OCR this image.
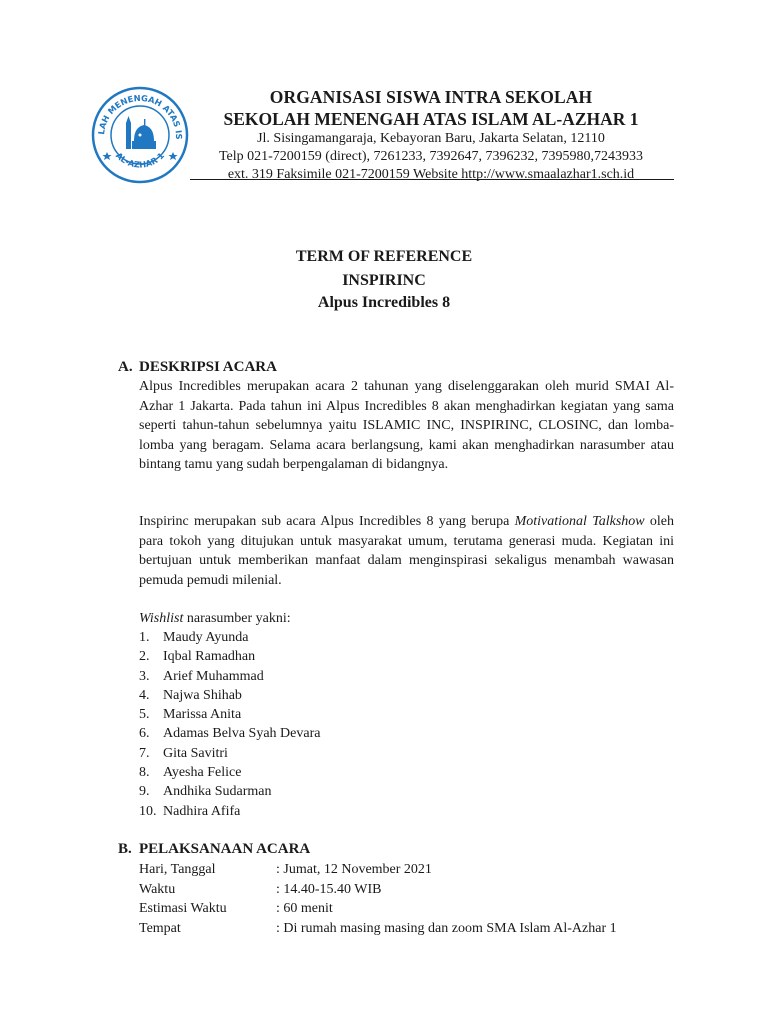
LAH MENENGAH ATAS IS
AL-AZHAR 1
ORGANISASI SISWA INTRA SEKOLAH
SEKOLAH MENENGAH ATAS ISLAM AL-AZHAR 1
Jl. Sisingamangaraja, Kebayoran Baru, Jakarta Selatan, 12110
Telp 021-7200159 (direct), 7261233, 7392647, 7396232, 7395980,7243933
ext. 319 Faksimile 021-7200159 Website http://www.smaalazhar1.sch.id
TERM OF REFERENCE
INSPIRINC
Alpus Incredibles 8
A. DESKRIPSI ACARA
Alpus Incredibles merupakan acara 2 tahunan yang diselenggarakan oleh murid SMAI Al-Azhar 1 Jakarta. Pada tahun ini Alpus Incredibles 8 akan menghadirkan kegiatan yang sama seperti tahun-tahun sebelumnya yaitu ISLAMIC INC, INSPIRINC, CLOSINC, dan lomba-lomba yang beragam. Selama acara berlangsung, kami akan menghadirkan narasumber atau bintang tamu yang sudah berpengalaman di bidangnya.
Inspirinc merupakan sub acara Alpus Incredibles 8 yang berupa Motivational Talkshow oleh para tokoh yang ditujukan untuk masyarakat umum, terutama generasi muda. Kegiatan ini bertujuan untuk memberikan manfaat dalam menginspirasi sekaligus menambah wawasan pemuda pemudi milenial.
Wishlist narasumber yakni:
1. Maudy Ayunda
2. Iqbal Ramadhan
3. Arief Muhammad
4. Najwa Shihab
5. Marissa Anita
6. Adamas Belva Syah Devara
7. Gita Savitri
8. Ayesha Felice
9. Andhika Sudarman
10. Nadhira Afifa
B. PELAKSANAAN ACARA
Hari, Tanggal	: Jumat, 12 November 2021
Waktu	: 14.40-15.40 WIB
Estimasi Waktu	: 60 menit
Tempat	: Di rumah masing masing dan zoom SMA Islam Al-Azhar 1
